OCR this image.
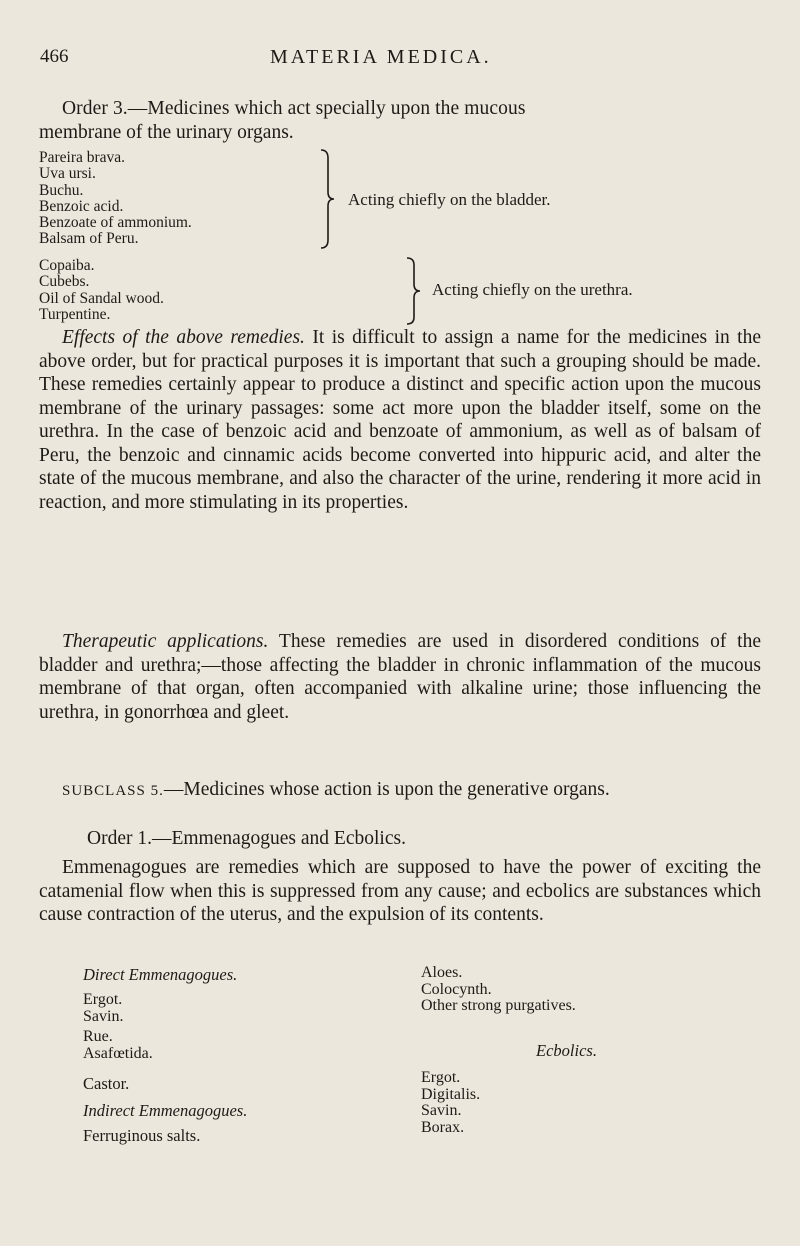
466	MATERIA MEDICA.
Order 3.—Medicines which act specially upon the mucous
membrane of the urinary organs.
Pareira brava.
Uva ursi.
Buchu.
Benzoic acid.
Benzoate of ammonium.
Balsam of Peru.
Acting chiefly on the bladder.
Copaiba.
Cubebs.
Oil of Sandal wood.
Turpentine.
Acting chiefly on the urethra.

Effects of the above remedies. It is difficult to assign a name for the medicines in the above order, but for practical purposes it is important that such a grouping should be made. These remedies certainly appear to produce a distinct and specific action upon the mucous membrane of the urinary passages: some act more upon the bladder itself, some on the urethra. In the case of benzoic acid and benzoate of ammonium, as well as of balsam of Peru, the benzoic and cinnamic acids become converted into hippuric acid, and alter the state of the mucous membrane, and also the character of the urine, rendering it more acid in reaction, and more stimulating in its properties.

Therapeutic applications. These remedies are used in disordered conditions of the bladder and urethra;—those affecting the bladder in chronic inflammation of the mucous membrane of that organ, often accompanied with alkaline urine; those influencing the urethra, in gonorrhœa and gleet.

SUBCLASS 5.—Medicines whose action is upon the generative organs.

Order 1.—Emmenagogues and Ecbolics.

Emmenagogues are remedies which are supposed to have the power of exciting the catamenial flow when this is suppressed from any cause; and ecbolics are substances which cause contraction of the uterus, and the expulsion of its contents.

Direct Emmenagogues.
Ergot.
Savin.
Rue.
Asafœtida.
Castor.
Indirect Emmenagogues.
Ferruginous salts.
Aloes.
Colocynth.
Other strong purgatives.
Ecbolics.
Ergot.
Digitalis.
Savin.
Borax.
